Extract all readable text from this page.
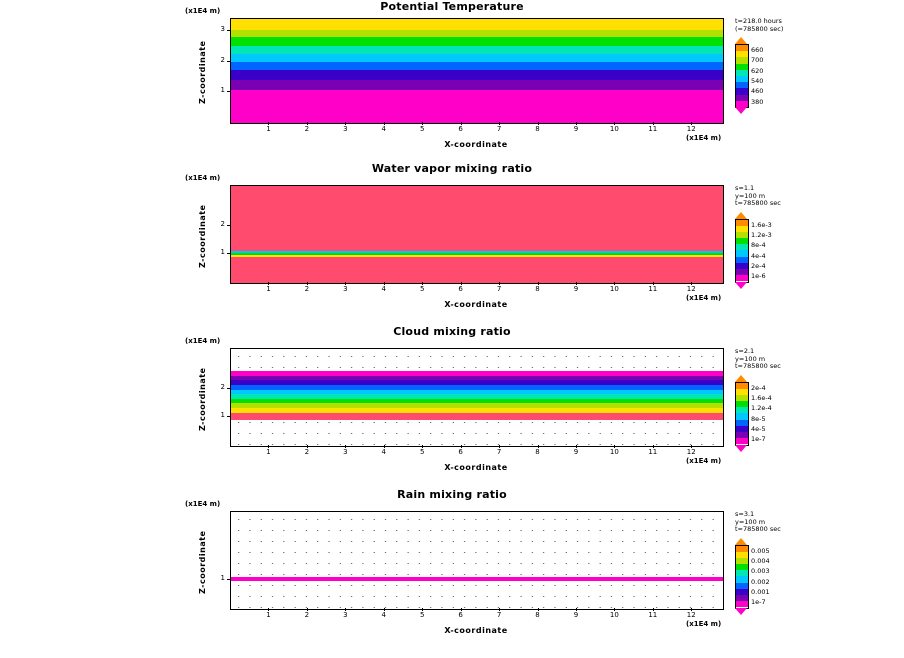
Potential Temperature
(x1E4 m)
1
2
3
1	2	3	4	5	6	7	8	9	10	11	12
Z-coordinate
X-coordinate
(x1E4 m)
t=218.0 hours
(=785800 sec)
660
700
620
540
460
380
Water vapor mixing ratio
(x1E4 m)
1
2
1	2	3	4	5	6	7	8	9	10	11	12
Z-coordinate
X-coordinate
(x1E4 m)
s=1.1
y=100 m
t=785800 sec
1.6e-3
1.2e-3
8e-4
4e-4
2e-4
1e-6
Cloud mixing ratio
(x1E4 m)
1
2
1	2	3	4	5	6	7	8	9	10	11	12
Z-coordinate
X-coordinate
(x1E4 m)
s=2.1
y=100 m
t=785800 sec
2e-4
1.6e-4
1.2e-4
8e-5
4e-5
1e-7
Rain mixing ratio
(x1E4 m)
1
1	2	3	4	5	6	7	8	9	10	11	12
Z-coordinate
X-coordinate
(x1E4 m)
s=3.1
y=100 m
t=785800 sec
0.005
0.004
0.003
0.002
0.001
1e-7
